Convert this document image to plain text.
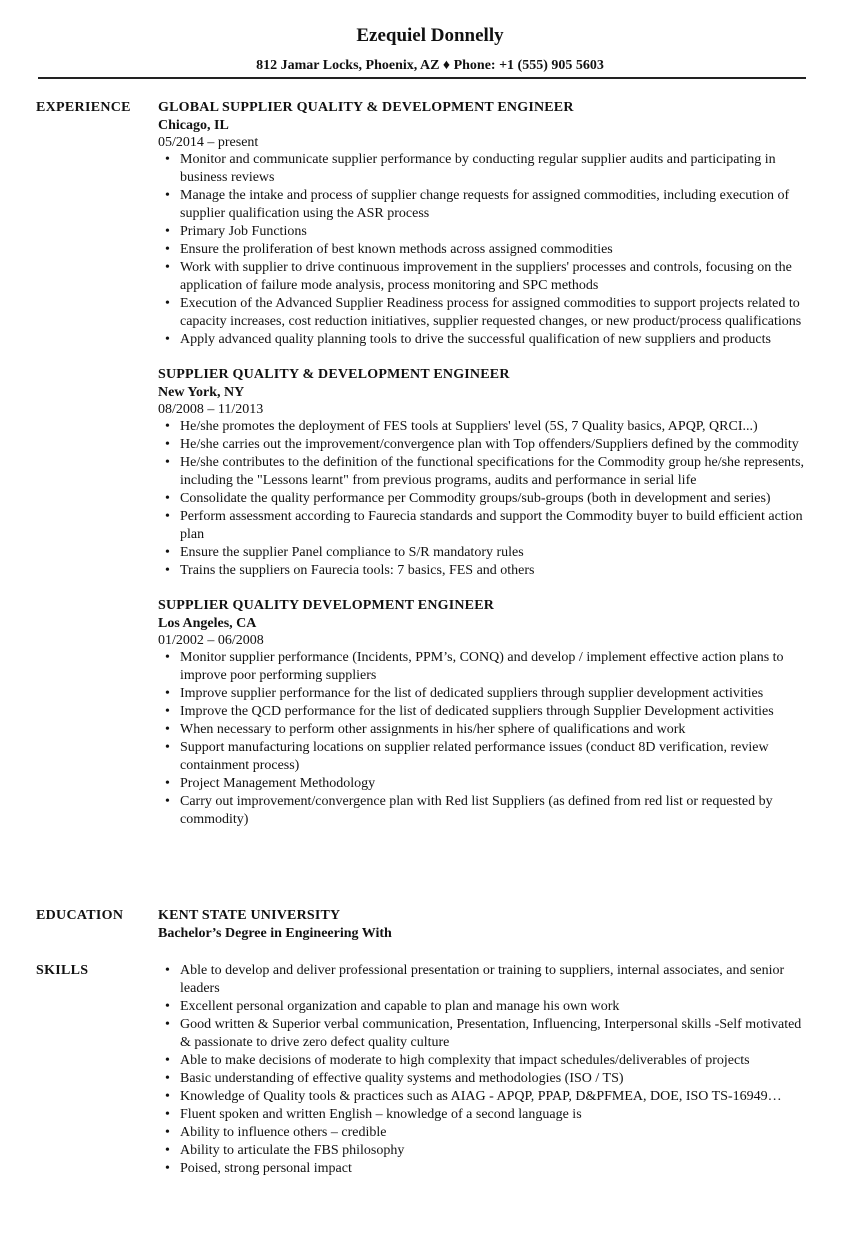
Ezequiel Donnelly
812 Jamar Locks, Phoenix, AZ ♦ Phone: +1 (555) 905 5603
EXPERIENCE GLOBAL SUPPLIER QUALITY & DEVELOPMENT ENGINEER
Chicago, IL
05/2014 – present
• Monitor and communicate supplier performance by conducting regular supplier audits and participating in business reviews
• Manage the intake and process of supplier change requests for assigned commodities, including execution of supplier qualification using the ASR process
• Primary Job Functions
• Ensure the proliferation of best known methods across assigned commodities
• Work with supplier to drive continuous improvement in the suppliers' processes and controls, focusing on the application of failure mode analysis, process monitoring and SPC methods
• Execution of the Advanced Supplier Readiness process for assigned commodities to support projects related to capacity increases, cost reduction initiatives, supplier requested changes, or new product/process qualifications
• Apply advanced quality planning tools to drive the successful qualification of new suppliers and products
SUPPLIER QUALITY & DEVELOPMENT ENGINEER
New York, NY
08/2008 – 11/2013
• He/she promotes the deployment of FES tools at Suppliers' level (5S, 7 Quality basics, APQP, QRCI...)
• He/she carries out the improvement/convergence plan with Top offenders/Suppliers defined by the commodity
• He/she contributes to the definition of the functional specifications for the Commodity group he/she represents, including the "Lessons learnt" from previous programs, audits and performance in serial life
• Consolidate the quality performance per Commodity groups/sub-groups (both in development and series)
• Perform assessment according to Faurecia standards and support the Commodity buyer to build efficient action plan
• Ensure the supplier Panel compliance to S/R mandatory rules
• Trains the suppliers on Faurecia tools: 7 basics, FES and others
SUPPLIER QUALITY DEVELOPMENT ENGINEER
Los Angeles, CA
01/2002 – 06/2008
• Monitor supplier performance (Incidents, PPM’s, CONQ) and develop / implement effective action plans to improve poor performing suppliers
• Improve supplier performance for the list of dedicated suppliers through supplier development activities
• Improve the QCD performance for the list of dedicated suppliers through Supplier Development activities
• When necessary to perform other assignments in his/her sphere of qualifications and work
• Support manufacturing locations on supplier related performance issues (conduct 8D verification, review containment process)
• Project Management Methodology
• Carry out improvement/convergence plan with Red list Suppliers (as defined from red list or requested by commodity)
EDUCATION KENT STATE UNIVERSITY
Bachelor’s Degree in Engineering With
SKILLS	• Able to develop and deliver professional presentation or training to suppliers, internal associates, and senior leaders
• Excellent personal organization and capable to plan and manage his own work
• Good written & Superior verbal communication, Presentation, Influencing, Interpersonal skills -Self motivated & passionate to drive zero defect quality culture
• Able to make decisions of moderate to high complexity that impact schedules/deliverables of projects
• Basic understanding of effective quality systems and methodologies (ISO / TS)
• Knowledge of Quality tools & practices such as AIAG - APQP, PPAP, D&PFMEA, DOE, ISO TS-16949…
• Fluent spoken and written English – knowledge of a second language is
• Ability to influence others – credible
• Ability to articulate the FBS philosophy
• Poised, strong personal impact
